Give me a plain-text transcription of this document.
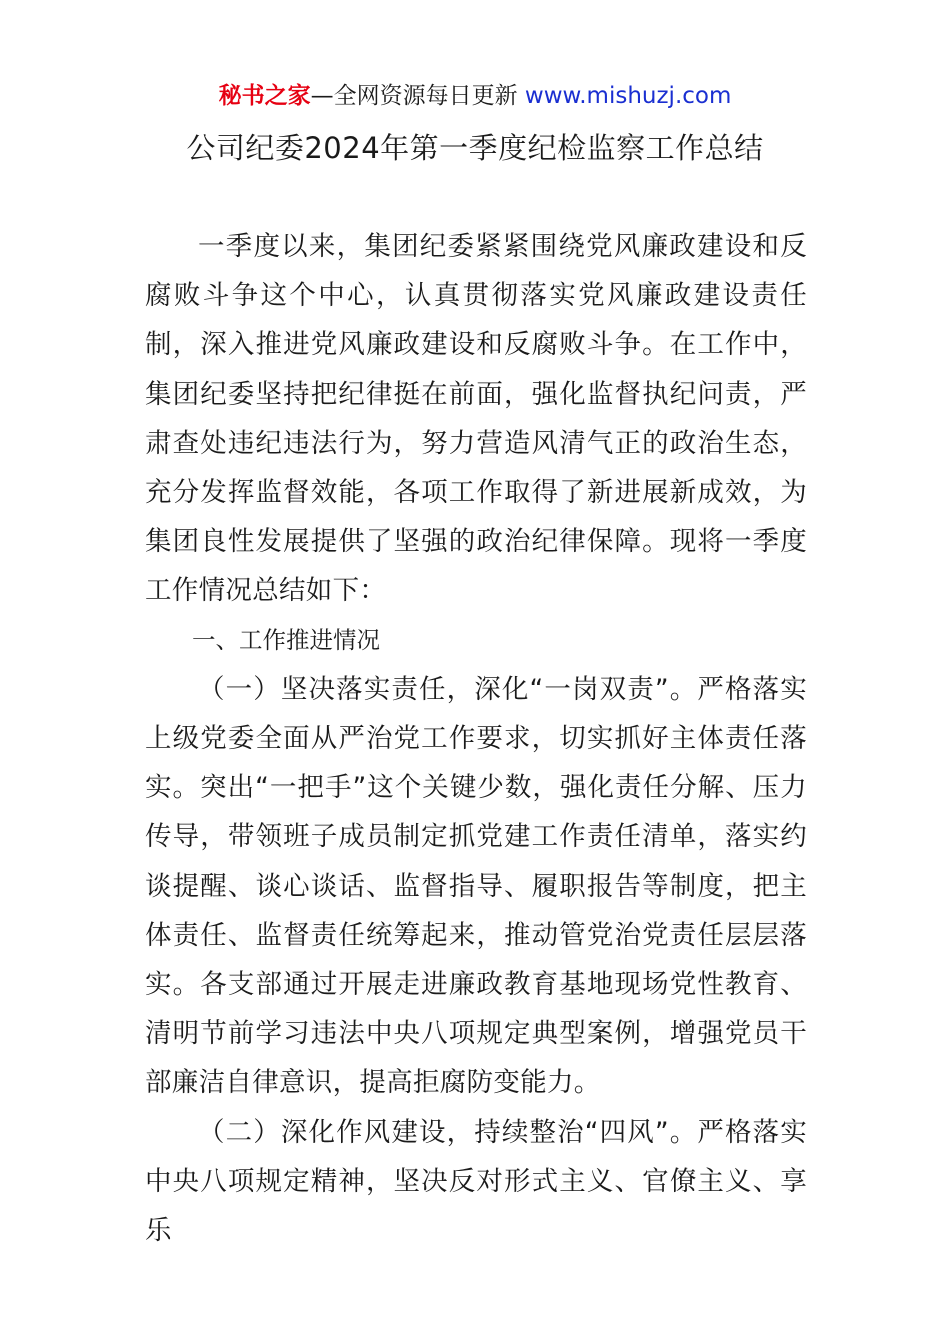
秘书之家—全网资源每日更新 www.mishuzj.com
公司纪委2024年第一季度纪检监察工作总结

一季度以来，集团纪委紧紧围绕党风廉政建设和反腐败斗争这个中心，认真贯彻落实党风廉政建设责任制，深入推进党风廉政建设和反腐败斗争。在工作中，集团纪委坚持把纪律挺在前面，强化监督执纪问责，严肃查处违纪违法行为，努力营造风清气正的政治生态，充分发挥监督效能，各项工作取得了新进展新成效，为集团良性发展提供了坚强的政治纪律保障。现将一季度工作情况总结如下：

一、工作推进情况

（一）坚决落实责任，深化“一岗双责”。严格落实上级党委全面从严治党工作要求，切实抓好主体责任落实。突出“一把手”这个关键少数，强化责任分解、压力传导，带领班子成员制定抓党建工作责任清单，落实约谈提醒、谈心谈话、监督指导、履职报告等制度，把主体责任、监督责任统筹起来，推动管党治党责任层层落实。各支部通过开展走进廉政教育基地现场党性教育、清明节前学习违法中央八项规定典型案例，增强党员干部廉洁自律意识，提高拒腐防变能力。

（二）深化作风建设，持续整治“四风”。严格落实中央八项规定精神，坚决反对形式主义、官僚主义、享乐
